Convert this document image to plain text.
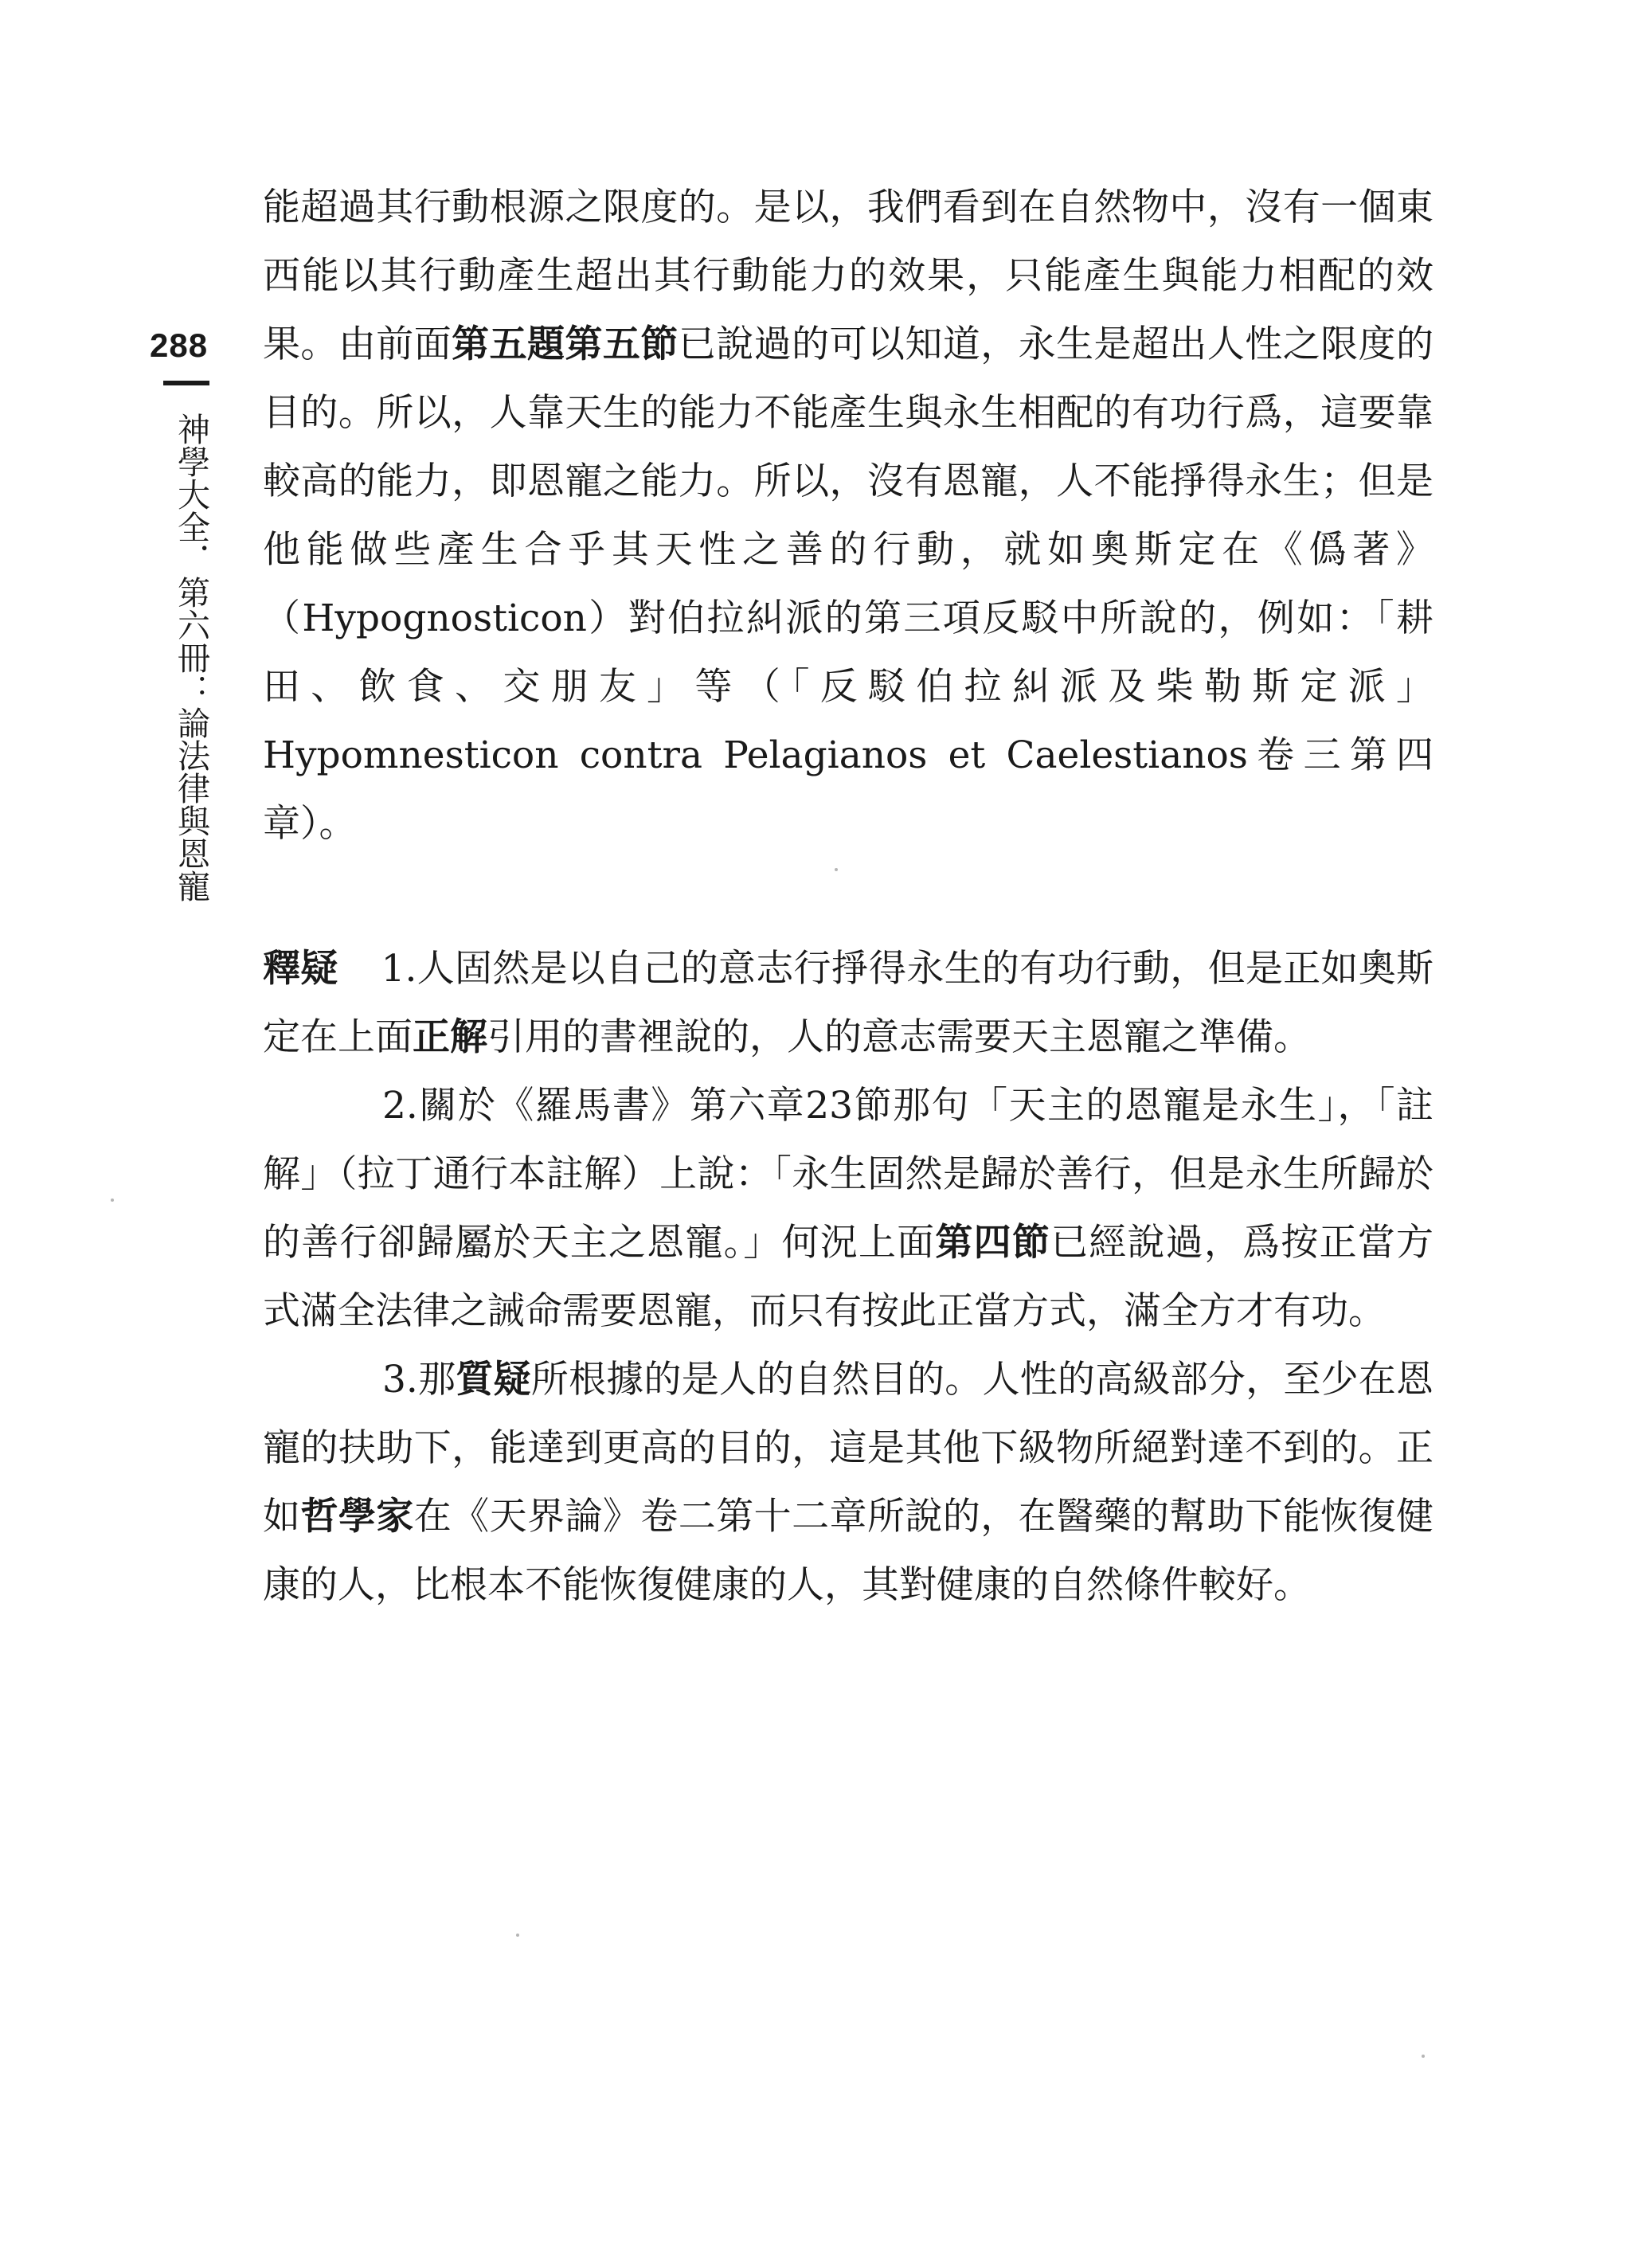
288
神學大全．第六冊：論法律與恩寵

能超過其行動根源之限度的。是以，我們看到在自然物中，沒有一個東西能以其行動產生超出其行動能力的效果，只能產生與能力相配的效果。由前面第五題第五節已說過的可以知道，永生是超出人性之限度的目的。所以，人靠天生的能力不能產生與永生相配的有功行爲，這要靠較高的能力，即恩寵之能力。所以，沒有恩寵，人不能掙得永生；但是他能做些產生合乎其天性之善的行動，就如奧斯定在《僞著》（Hypognosticon）對伯拉糾派的第三項反駁中所說的，例如：「耕田、飲食、交朋友」等（「反駁伯拉糾派及柴勒斯定派」Hypomnesticon contra Pelagianos et Caelestianos卷三第四章）。

釋疑 1.人固然是以自己的意志行掙得永生的有功行動，但是正如奧斯定在上面正解引用的書裡說的，人的意志需要天主恩寵之準備。

2.關於《羅馬書》第六章23節那句「天主的恩寵是永生」，「註解」（拉丁通行本註解）上說：「永生固然是歸於善行，但是永生所歸於的善行卻歸屬於天主之恩寵。」何況上面第四節已經說過，爲按正當方式滿全法律之誡命需要恩寵，而只有按此正當方式，滿全方才有功。

3.那質疑所根據的是人的自然目的。人性的高級部分，至少在恩寵的扶助下，能達到更高的目的，這是其他下級物所絕對達不到的。正如哲學家在《天界論》卷二第十二章所說的，在醫藥的幫助下能恢復健康的人，比根本不能恢復健康的人，其對健康的自然條件較好。
